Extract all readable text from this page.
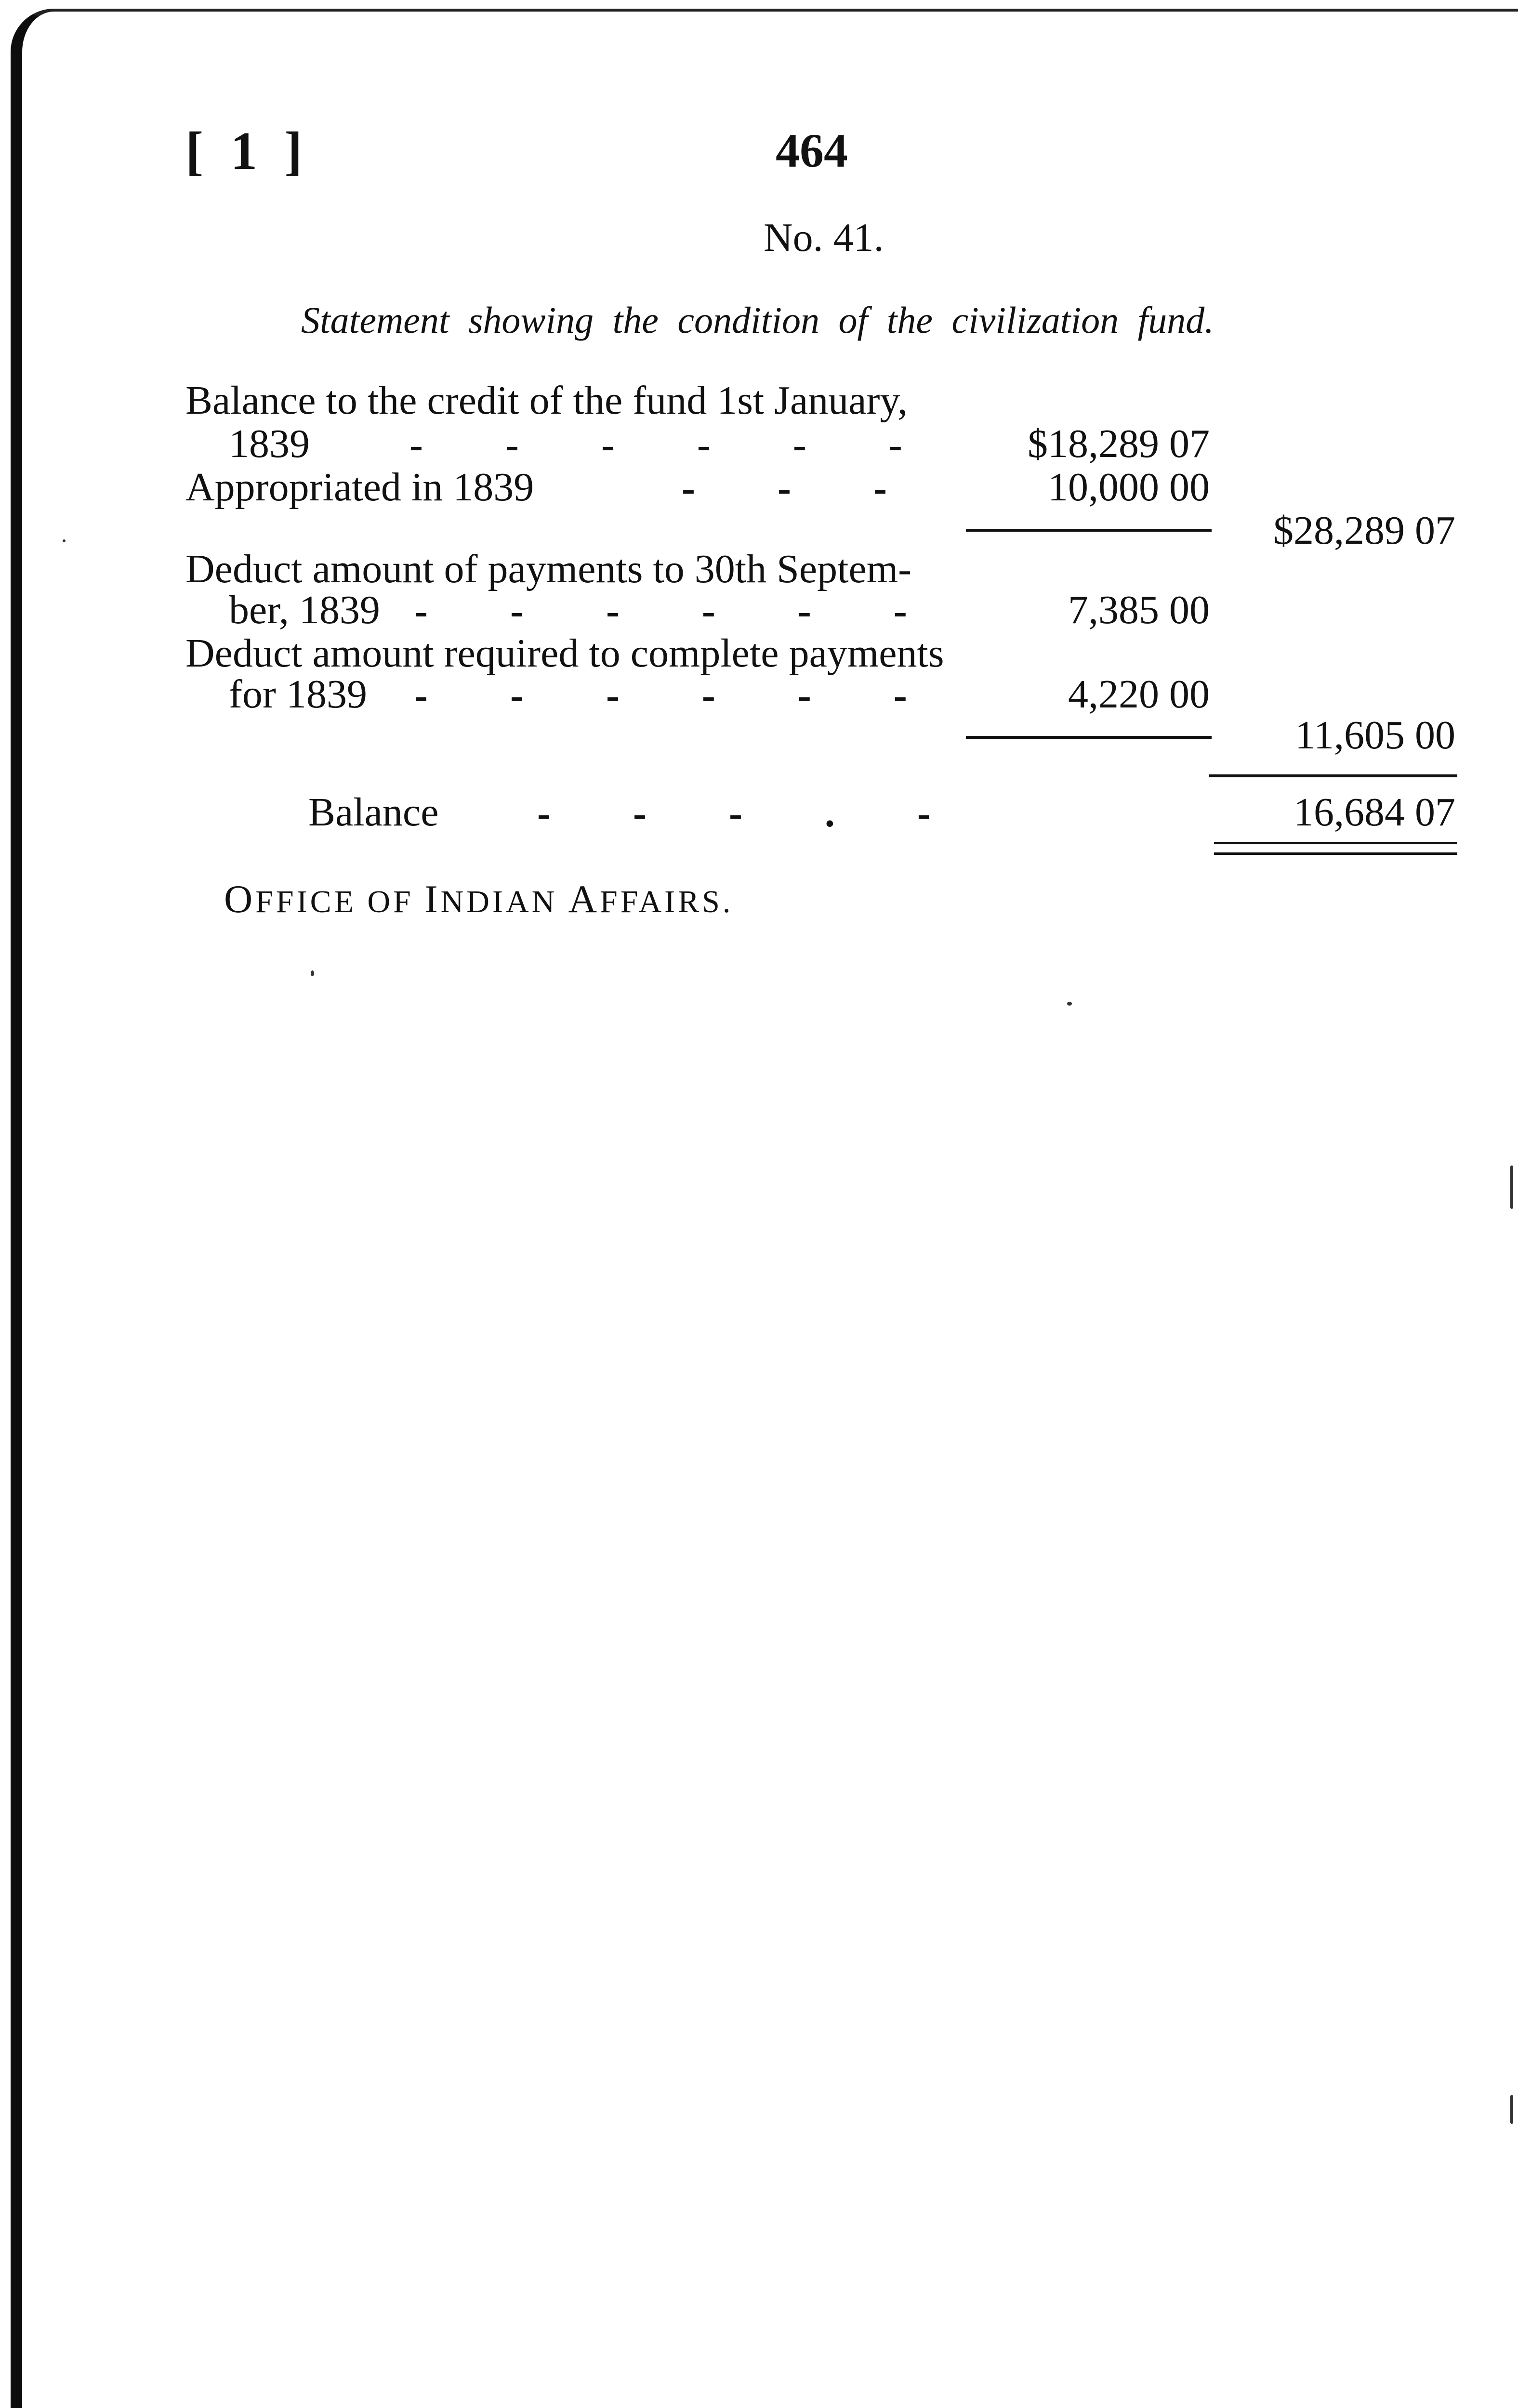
[ 1 ]	464
No. 41.
Statement showing the condition of the civilization fund.
Balance to the credit of the fund 1st January,
1839 - - - - - -	$18,289 07
Appropriated in 1839	- - -	10,000 00
$28,289 07
Deduct amount of payments to 30th Septem-
ber, 1839 - - - - - -	7,385 00
Deduct amount required to complete payments
for 1839 - - - - - -	4,220 00
11,605 00
Balance - - - . -	16,684 07
OFFICE OF INDIAN AFFAIRS.
